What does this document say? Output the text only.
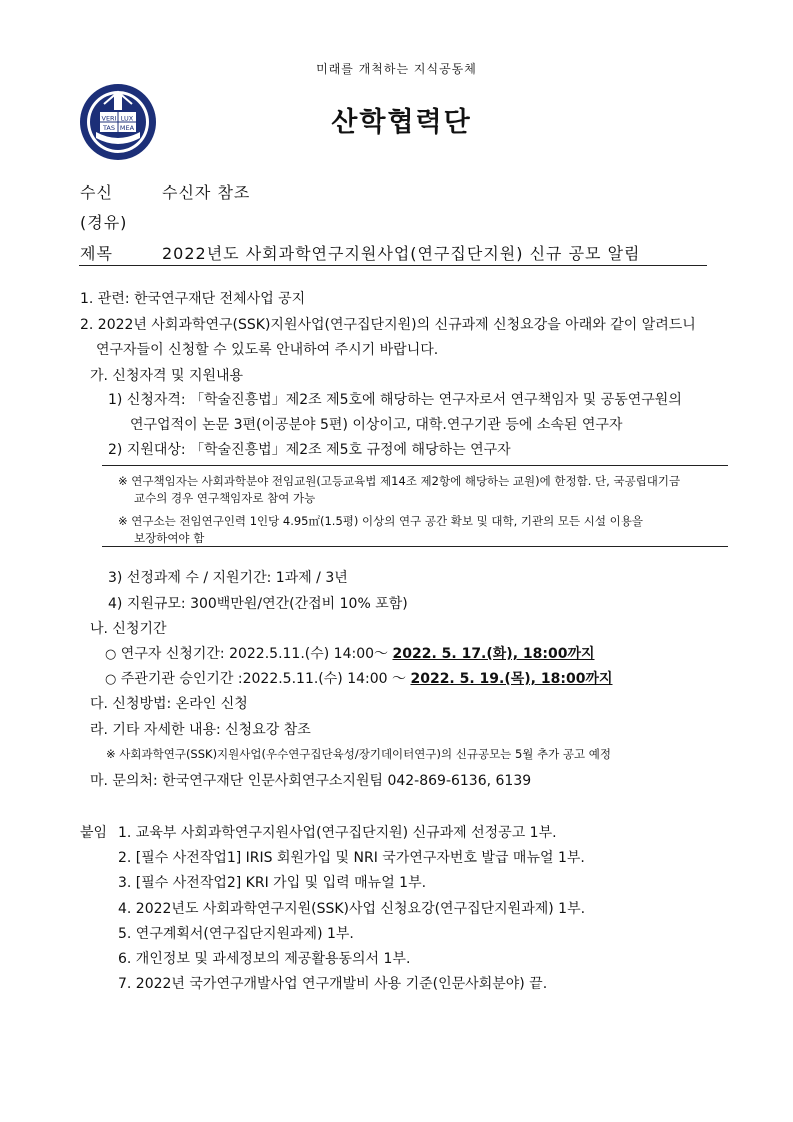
미래를 개척하는 지식공동체
VERI LUX
TAS MEA	산학협력단
수신	수신자 참조
(경유)
제목	2022년도 사회과학연구지원사업(연구집단지원) 신규 공모 알림
1. 관련: 한국연구재단 전체사업 공지
2. 2022년 사회과학연구(SSK)지원사업(연구집단지원)의 신규과제 신청요강을 아래와 같이 알려드니
연구자들이 신청할 수 있도록 안내하여 주시기 바랍니다.
가. 신청자격 및 지원내용
1) 신청자격: 「학술진흥법」제2조 제5호에 해당하는 연구자로서 연구책임자 및 공동연구원의
연구업적이 논문 3편(이공분야 5편) 이상이고, 대학.연구기관 등에 소속된 연구자
2) 지원대상: 「학술진흥법」제2조 제5호 규정에 해당하는 연구자
※ 연구책임자는 사회과학분야 전임교원(고등교육법 제14조 제2항에 해당하는 교원)에 한정함. 단, 국공립대기금
교수의 경우 연구책임자로 참여 가능
※ 연구소는 전임연구인력 1인당 4.95㎡(1.5평) 이상의 연구 공간 확보 및 대학, 기관의 모든 시설 이용을
보장하여야 함
3) 선정과제 수 / 지원기간: 1과제 / 3년
4) 지원규모: 300백만원/연간(간접비 10% 포함)
나. 신청기간
○ 연구자 신청기간: 2022.5.11.(수) 14:00～ 2022. 5. 17.(화), 18:00까지
○ 주관기관 승인기간 :2022.5.11.(수) 14:00 ～ 2022. 5. 19.(목), 18:00까지
다. 신청방법: 온라인 신청
라. 기타 자세한 내용: 신청요강 참조
※ 사회과학연구(SSK)지원사업(우수연구집단육성/장기데이터연구)의 신규공모는 5월 추가 공고 예정
마. 문의처: 한국연구재단 인문사회연구소지원팀 042-869-6136, 6139
붙임 1. 교육부 사회과학연구지원사업(연구집단지원) 신규과제 선정공고 1부.
2. [필수 사전작업1] IRIS 회원가입 및 NRI 국가연구자번호 발급 매뉴얼 1부.
3. [필수 사전작업2] KRI 가입 및 입력 매뉴얼 1부.
4. 2022년도 사회과학연구지원(SSK)사업 신청요강(연구집단지원과제) 1부.
5. 연구계획서(연구집단지원과제) 1부.
6. 개인정보 및 과세정보의 제공활용동의서 1부.
7. 2022년 국가연구개발사업 연구개발비 사용 기준(인문사회분야) 끝.
